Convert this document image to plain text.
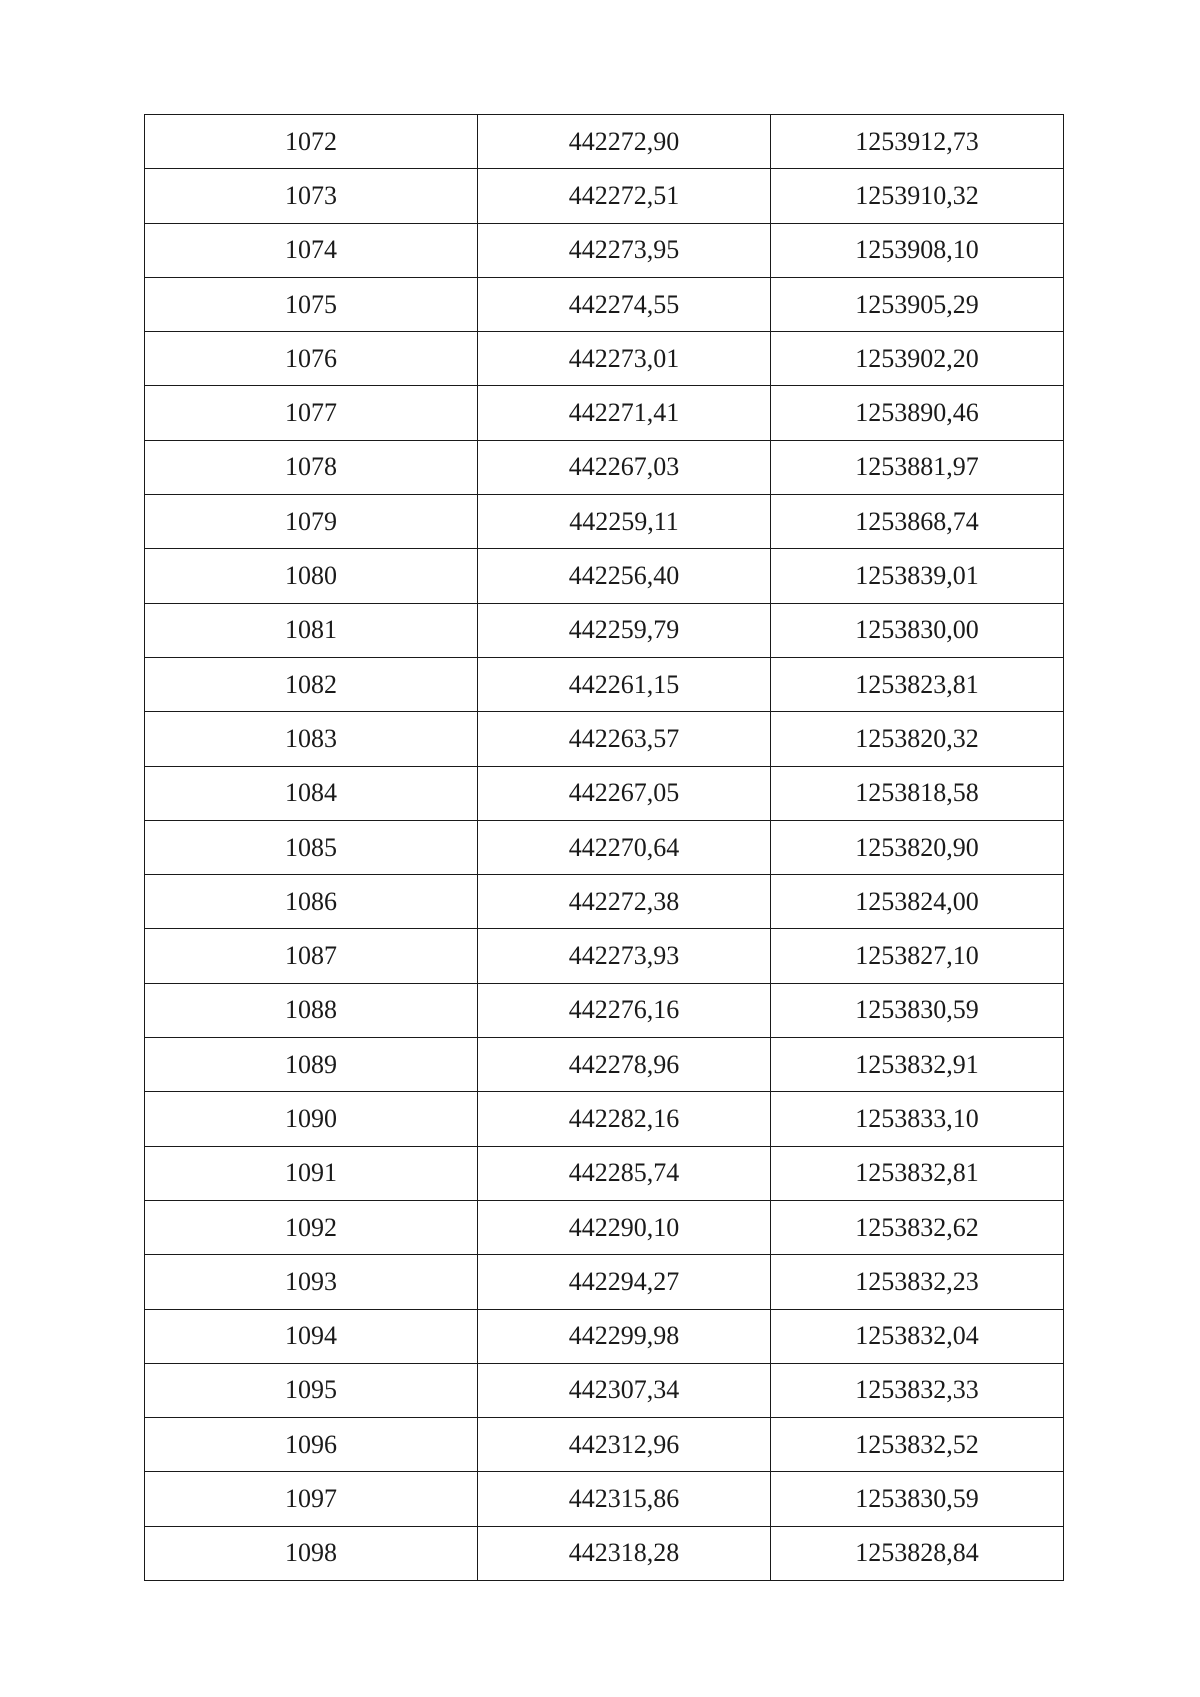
1072	442272,90	1253912,73
1073	442272,51	1253910,32
1074	442273,95	1253908,10
1075	442274,55	1253905,29
1076	442273,01	1253902,20
1077	442271,41	1253890,46
1078	442267,03	1253881,97
1079	442259,11	1253868,74
1080	442256,40	1253839,01
1081	442259,79	1253830,00
1082	442261,15	1253823,81
1083	442263,57	1253820,32
1084	442267,05	1253818,58
1085	442270,64	1253820,90
1086	442272,38	1253824,00
1087	442273,93	1253827,10
1088	442276,16	1253830,59
1089	442278,96	1253832,91
1090	442282,16	1253833,10
1091	442285,74	1253832,81
1092	442290,10	1253832,62
1093	442294,27	1253832,23
1094	442299,98	1253832,04
1095	442307,34	1253832,33
1096	442312,96	1253832,52
1097	442315,86	1253830,59
1098	442318,28	1253828,84
